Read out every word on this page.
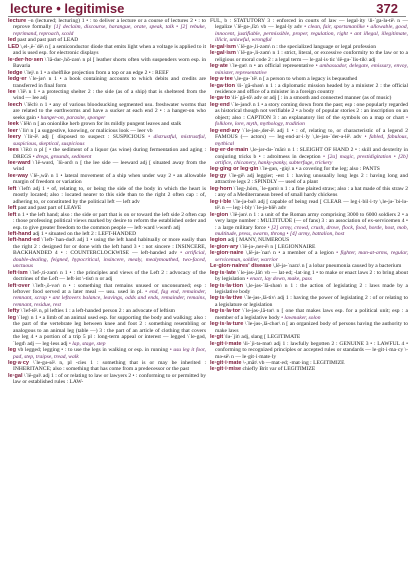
lecture • legitimise	372

lecture –n (lectured; lecturing) 1 • : to deliver a lecture or a course of lectures 2 • : to reprove formally [1] declaim, discourse, harangue, orate, speak, talk • [2] rebuke, reprimand, reproach, scold

led past and past part of LEAD

LED \,el-,ē-ˈdē\ n [ a semiconductor diode that emits light when a voltage is applied to it and is used esp. for electronic displays

le·der·ho·sen \ˈlā-dər-,hō-zən\ n pl [ leather shorts often with suspenders worn esp. in Bavaria

ledge \ˈlej\ n 1 • a shelflike projection from a top or an edge 2 • : REEF

ledg·er \ˈle-jər\ n 1 • a book containing accounts to which debits and credits are transferred in final form

lee \ˈlē\ n 1 • a protecting shelter 2 : the side (as of a ship) that is sheltered from the wind — lee adj

leech \ˈlēch\ n 1 • any of various bloodsucking segmented usu. freshwater worms that are related to the earthworms and have a sucker at each end 2 • : a hanger-on who seeks gain • hanger-on, parasite, sponger

leek \ˈlēk\ n [ an onionlike herb grown for its mildly pungent leaves and stalk

leer \ˈlir\ n [ a suggestive, knowing, or malicious look — leer vb

leery \ˈlir-ē\ adj [ disposed to suspect : SUSPICIOUS • distrustful, mistrustful, suspicious, skeptical, suspicious

lees \ˈlēz\ n pl [ • the sediment of a liquor (as wine) during fermentation and aging : DREGS • dregs, grounds, sediment

lee·ward \ˈlē-wərd, ˈlü-ərd\ n [ the lee side — leeward adj [ situated away from the wind

lee·way \ˈlē-,wā\ n 1 • lateral movement of a ship when under way 2 • an allowable margin of freedom or variation

left \ˈleft\ adj 1 • of, relating to, or being the side of the body in which the heart is mostly located; also : located nearer to this side than to the right 2 often cap : of, adhering to, or constituted by the political left — left adv

left past and past part of LEAVE

left n 1 • the left hand; also : the side or part that is on or toward the left side 2 often cap : those professing political views marked by desire to reform the established order and esp. to give greater freedom to the common people — left·ward \-wərd\ adj

left-hand adj 1 • situated on the left 2 : LEFT-HANDED

left-hand·ed \ˈleft-ˈhan-dəd\ adj 1 • using the left hand habitually or more easily than the right 2 : designed for or done with the left hand 3 • : not sincere : INSINCERE, BACKHANDED 4 • : COUNTERCLOCKWISE — left-handed adv • artificial, double-dealing, feigned, hypocritical, insincere, mealy, mealymouthed, two-faced, unctuous

left·ism \ˈlef-,ti-zəm\ n 1 • : the principles and views of the Left 2 : advocacy of the doctrines of the Left — left·ist \-tist\ n or adj

left·over \ˈleft-,ō-vər\ n • : something that remains unused or unconsumed; esp : leftover food served at a later meal — usu. used in pl. • end, fag end, remainder, remnant, scrap • ant leftovers balance, leavings, odds and ends, remainder, remains, remnant, residue, rest

lefty \ˈlef-tē\ n, pl lefties 1 : a left-handed person 2 : an advocate of leftism

leg \ˈleg\ n 1 • a limb of an animal used esp. for supporting the body and walking; also : the part of the vertebrate leg between knee and foot 2 : something resembling or analogous to an animal leg (table —) 3 : the part of an article of clothing that covers the leg 4 • a portion of a trip 5 pl : long-term appeal or interest — legged \ˈle-gəd, ˈlegd\ adj — leg·less adj • lap, stage, step

leg vb legged; legging • : to use the legs in walking or esp. in running • usu leg it foot, pad, step, traipse, tread, walk

leg·a·cy \ˈle-gə-sē\ n, pl -cies 1 : something that is or may be inherited : INHERITANCE; also : something that has come from a predecessor or the past

le·gal \ˈlē-gəl\ adj 1 : of or relating to law or lawyers 2 • : conforming to or permitted by law or established rules : LAW-

FUL, b : STATUTORY 3 : enforced in courts of law — legal·ity \li-ˈga-lə-tē\ n — legalize \ˈlē-gə-,līz\ vb — legal·ly adv • clean, fair, sportsmanlike • allowable, good, innocent, justifiable, permissible, proper, regulation, right • ant illegal, illegitimate, illicit, unlawful, wrongful

le·gal·ism \ˈlē-gə-,li-zəm\ n : the specialized language or legal profession

le·gal·ism \ˈlē-gə-,li-zəm\ n 1 : strict, literal, or excessive conformity to the law or to a religious or moral code 2 : a legal term — le·gal·is·tic \lē-gə-ˈlis-tik\ adj

leg·ate \ˈle-gət\ n • an official representative • ambassador, delegate, emissary, envoy, minister, representative

leg·a·tee \,le-gə-ˈtē\ n [ a person to whom a legacy is bequeathed

le·ga·tion \li-ˈgā-shən\ n 1 : a diplomatic mission headed by a minister 2 : the official residence and office of a minister in a foreign country

le·ga·to \li-ˈgä-tō\ adv or adj [ : in a smooth and connected manner (as of music)

leg·end \ˈle-jənd\ n 1 • a story coming down from the past; esp : one popularly regarded as historical though not verifiable 2 • a body of popular stories 2 : an inscription on an object; also : CAPTION 3 : an explanatory list of the symbols on a map or chart • folklore, lore, myth, mythology, tradition

leg·end·ary \ˈle-jən-,der-ē\ adj 1 • : of, relating to, or characteristic of a legend 2 FAMOUS (— actors) — leg·end·ar·i·ly \,le-jən-ˈder-ə-lē\ adv • fabled, fabulous, mythical

leg·er·de·main \,le-jər-də-ˈmān\ n 1 : SLEIGHT OF HAND 2 • : skill and dexterity in conjuring tricks b • : adroitness in deception • [2a] magic, prestidigitation • [2b] artifice, chicanery, hanky-panky, subterfuge, trickery

leg·ging or leg·gin \ˈle-gən, -giŋ\ n • a covering for the leg; also : PANTS

leg·gy \ˈle-gē\ adj leggier; -est 1 : having unusually long legs 2 : having long and attractive legs 2 : SPINDLY — used of a plant

leg·horn \ˈleg-,hȯrn, ˈle-gərn\ n 1 : a fine plaited straw; also : a hat made of this straw 2 : any of a Mediterranean breed of small hardy chickens

leg·i·ble \ˈle-jə-bəl\ adj [ capable of being read [ CLEAR — leg·i·bil·i·ty \,le-jə-ˈbi-lə-tē\ n — leg·i·bly \ˈle-jə-blē\ adv

le·gion \ˈlē-jən\ n 1 : a unit of the Roman army comprising 3000 to 6000 soldiers 2 • a very large number : MULTITUDE (— of fans) 3 : an association of ex-servicemen 4 • : a large military force • [2] army, crowd, crush, drove, flock, food, horde, host, mob, multitude, press, swarm, throng • [4] army, battalion, host

legion adj [ MANY, NUMEROUS

le·gion·ary \ˈlē-jə-,ner-ē\ n [ LEGIONNAIRE

le·gion·naire \,lē-jə-ˈnar\ n • a member of a legion • fighter, man-at-arms, regular, serviceman, soldier, warrior

Le·gion·naires' disease \,lē-jə-ˈnarz\ n [ a lobar pneumonia caused by a bacterium

leg·is·late \ˈle-jəs-,lāt\ vb — lat·ed; -lat·ing 1 • to make or enact laws 2 : to bring about by legislation • enact, lay down, make, pass

leg·is·la·tion \,le-jəs-ˈlā-shən\ n 1 : the action of legislating 2 : laws made by a legislative body

leg·is·la·tive \ˈle-jəs-,lā-tiv\ adj 1 : having the power of legislating 2 : of or relating to a legislature or legislation

leg·is·la·tor \ˈle-jəs-,lā-tər\ n [ one that makes laws esp. for a political unit; esp : a member of a legislative body • lawmaker, solon

leg·is·la·ture \ˈle-jəs-,lā-chər\ n [ an organized body of persons having the authority to make laws

le·git \lə-ˈjit\ adj, slang [ LEGITIMATE

le·git·i·mate \li-ˈji-tə-mət\ adj 1 : lawfully begotten 2 : GENUINE 3 • : LAWFUL 4 • conforming to recognized principles or accepted rules or standards — le·git·i·ma·cy \-mə-sē\ n — le·git·i·mate·ly

le·git·i·mate \-,māt\ vb —mat·ed; -mat·ing : LEGITIMIZE

le·git·i·mise chiefly Brit var of LEGITIMIZE
